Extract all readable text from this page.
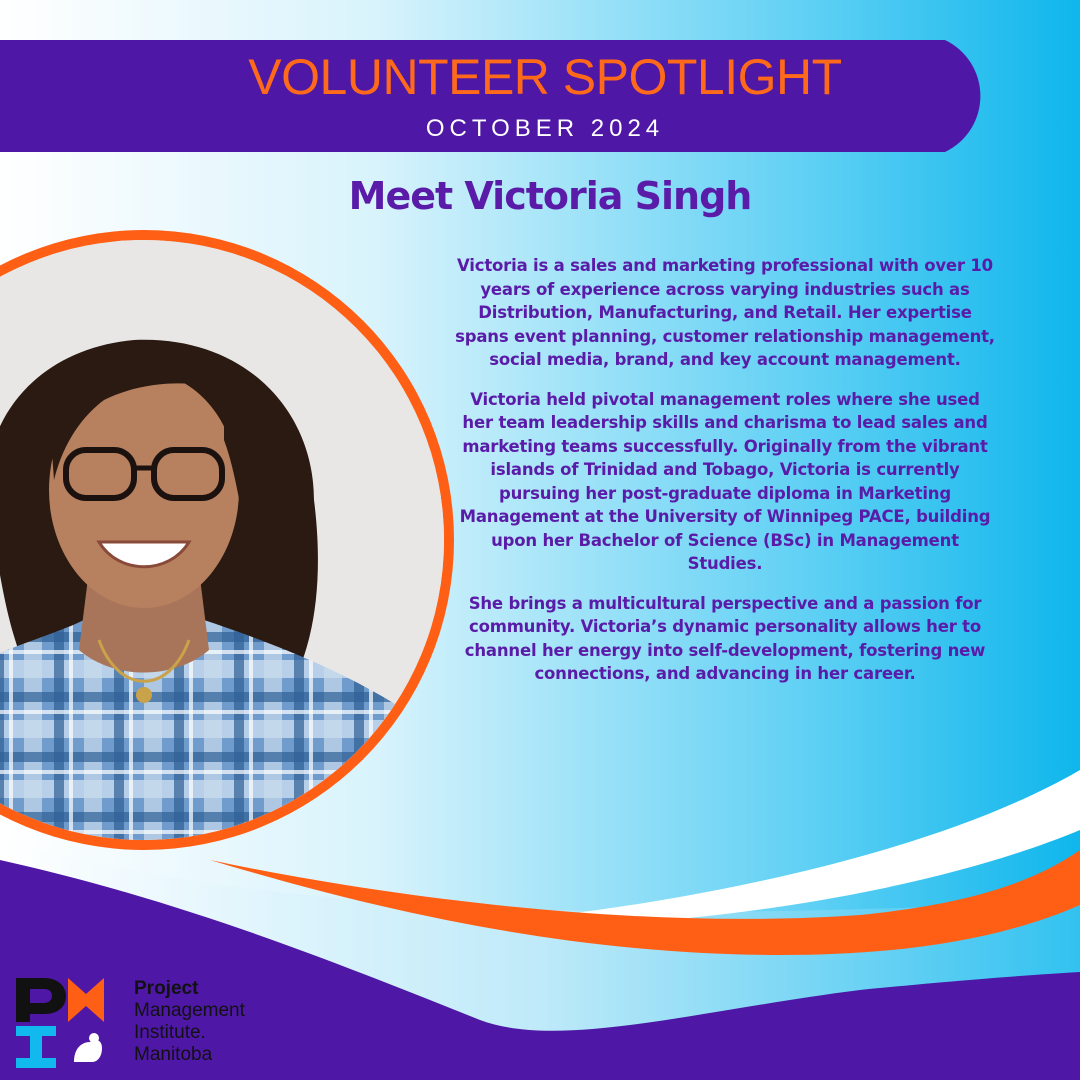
VOLUNTEER SPOTLIGHT
OCTOBER 2024
Meet Victoria Singh

Victoria is a sales and marketing professional with over 10 years of experience across varying industries such as Distribution, Manufacturing, and Retail. Her expertise spans event planning, customer relationship management, social media, brand, and key account management.

Victoria held pivotal management roles where she used her team leadership skills and charisma to lead sales and marketing teams successfully. Originally from the vibrant islands of Trinidad and Tobago, Victoria is currently pursuing her post-graduate diploma in Marketing Management at the University of Winnipeg PACE, building upon her Bachelor of Science (BSc) in Management Studies.

She brings a multicultural perspective and a passion for community. Victoria’s dynamic personality allows her to channel her energy into self-development, fostering new connections, and advancing in her career.

Project
Management
Institute.
Manitoba
